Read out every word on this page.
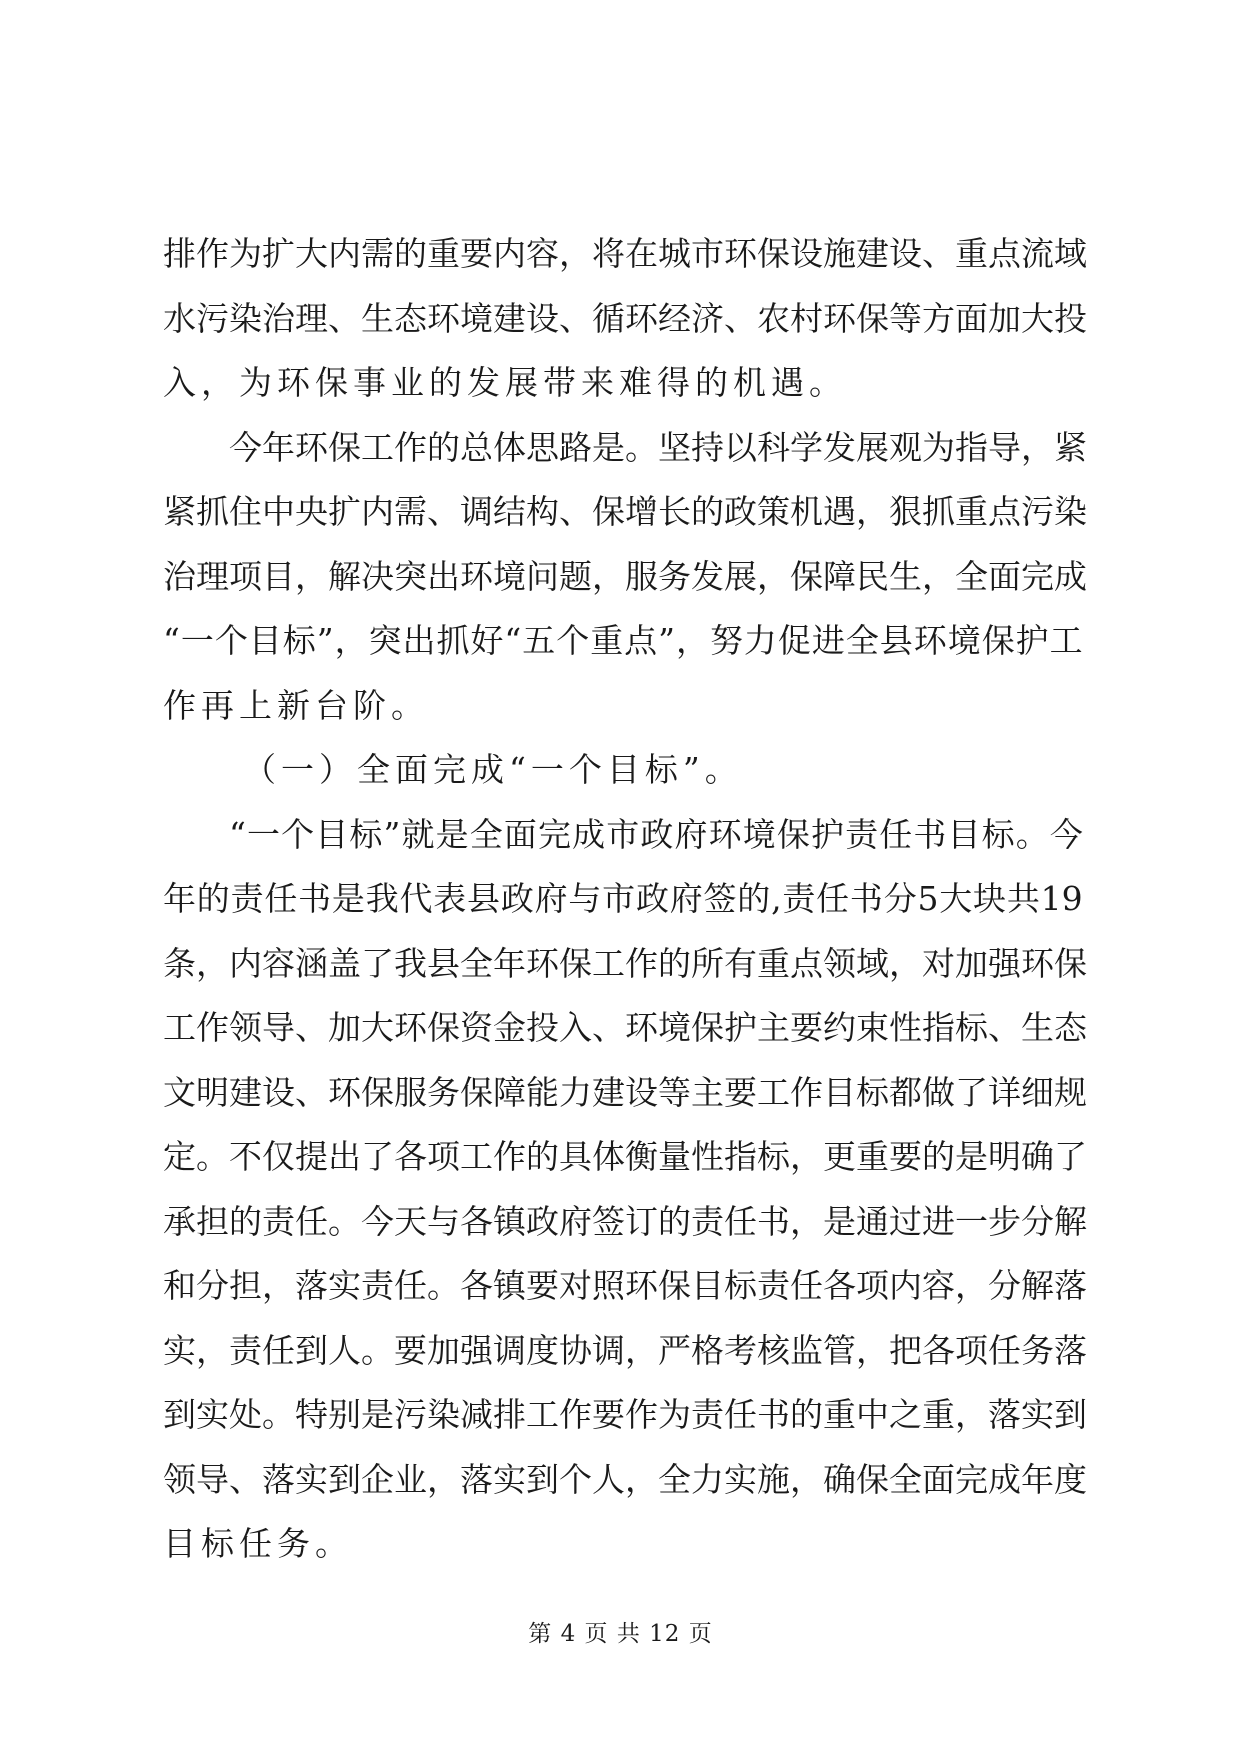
排 作 为 扩 大 内 需 的 重 要 内 容 ， 将 在 城 市 环 保 设 施 建 设 、 重 点 流 域
水 污 染 治 理 、 生 态 环 境 建 设 、 循 环 经 济 、 农 村 环 保 等 方 面 加 大 投
入，为环保事业的发展带来难得的机遇。
今 年 环 保 工 作 的 总 体 思 路 是 。 坚 持 以 科 学 发 展 观 为 指 导 ， 紧
紧 抓 住 中 央 扩 内 需 、 调 结 构 、 保 增 长 的 政 策 机 遇 ， 狠 抓 重 点 污 染
治 理 项 目 ， 解 决 突 出 环 境 问 题 ， 服 务 发 展 ， 保 障 民 生 ， 全 面 完 成
“ 一 个 目 标 ” ， 突 出 抓 好 “ 五 个 重 点 ” ， 努 力 促 进 全 县 环 境 保 护 工
作再上新台阶。
（一）全面完成“一个目标”。
“ 一 个 目 标 ” 就 是 全 面 完 成 市 政 府 环 境 保 护 责 任 书 目 标 。 今
年 的 责 任 书 是 我 代 表 县 政 府 与 市 政 府 签 的 , 责 任 书 分 5 大 块 共 19
条 ， 内 容 涵 盖 了 我 县 全 年 环 保 工 作 的 所 有 重 点 领 域 ， 对 加 强 环 保
工 作 领 导 、 加 大 环 保 资 金 投 入 、 环 境 保 护 主 要 约 束 性 指 标 、 生 态
文 明 建 设 、 环 保 服 务 保 障 能 力 建 设 等 主 要 工 作 目 标 都 做 了 详 细 规
定 。 不 仅 提 出 了 各 项 工 作 的 具 体 衡 量 性 指 标 ， 更 重 要 的 是 明 确 了
承 担 的 责 任 。 今 天 与 各 镇 政 府 签 订 的 责 任 书 ， 是 通 过 进 一 步 分 解
和 分 担 ， 落 实 责 任 。 各 镇 要 对 照 环 保 目 标 责 任 各 项 内 容 ， 分 解 落
实 ， 责 任 到 人 。 要 加 强 调 度 协 调 ， 严 格 考 核 监 管 ， 把 各 项 任 务 落
到 实 处 。 特 别 是 污 染 减 排 工 作 要 作 为 责 任 书 的 重 中 之 重 ， 落 实 到
领 导 、 落 实 到 企 业 ， 落 实 到 个 人 ， 全 力 实 施 ， 确 保 全 面 完 成 年 度
目标任务。
第 4 页 共 12 页
